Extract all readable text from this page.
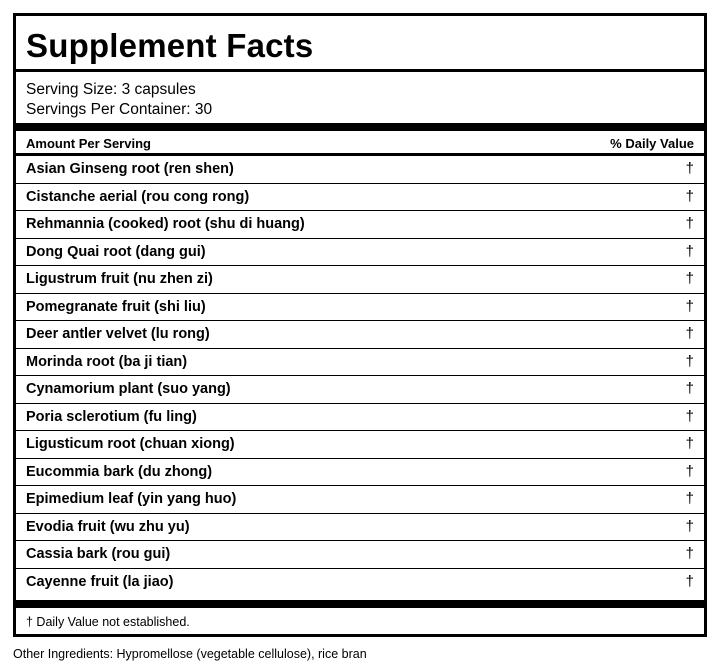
Supplement Facts
Serving Size: 3 capsules
Servings Per Container: 30
Amount Per Serving	% Daily Value
Asian Ginseng root (ren shen)	†
Cistanche aerial (rou cong rong)	†
Rehmannia (cooked) root (shu di huang)	†
Dong Quai root (dang gui)	†
Ligustrum fruit (nu zhen zi)	†
Pomegranate fruit (shi liu)	†
Deer antler velvet (lu rong)	†
Morinda root (ba ji tian)	†
Cynamorium plant (suo yang)	†
Poria sclerotium (fu ling)	†
Ligusticum root (chuan xiong)	†
Eucommia bark (du zhong)	†
Epimedium leaf (yin yang huo)	†
Evodia fruit (wu zhu yu)	†
Cassia bark (rou gui)	†
Cayenne fruit (la jiao)	†
† Daily Value not established.
Other Ingredients: Hypromellose (vegetable cellulose), rice bran
